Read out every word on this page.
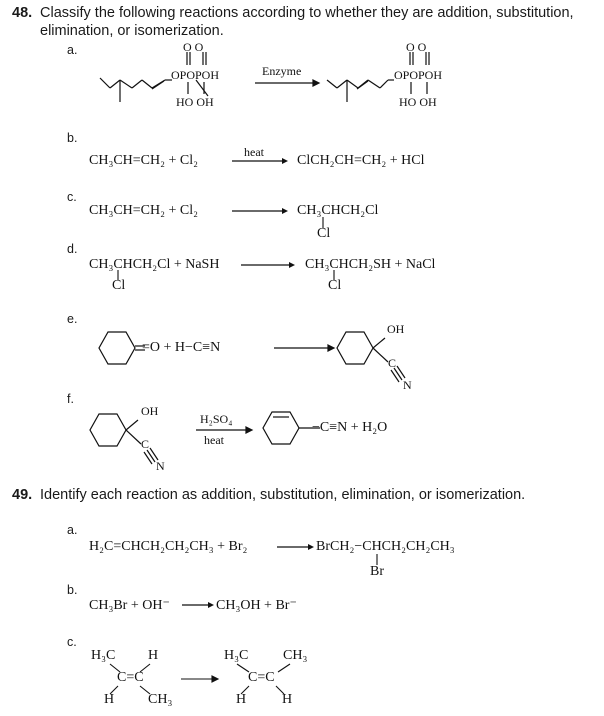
48. Classify the following reactions according to whether they are addition, substitution,
elimination, or isomerization.
a.	O O
OPOPOH
HO OH
Enzyme
O O
OPOPOH
HO OH
b.
CH₃CH=CH₂ + Cl₂
heat
ClCH₂CH=CH₂ + HCl
c.
CH₃CH=CH₂ + Cl₂	CH₃CHCH₂Cl
Cl
d.
CH₃CHCH₂Cl + NaSH
Cl
CH₃CHCH₂SH + NaCl
Cl
e.
=O + H−C≡N
OH
C
N
f.
OH
C
N
H₂SO₄
heat
−C≡N + H₂O
49. Identify each reaction as addition, substitution, elimination, or isomerization.
a.
H₂C=CHCH₂CH₂CH₃ + Br₂	BrCH₂−CHCH₂CH₂CH₃
Br
b.
CH₃Br + OH⁻	CH₃OH + Br⁻
c.
H₃C H
C=C
H CH₃
H₃C CH₃
C=C
H	H
